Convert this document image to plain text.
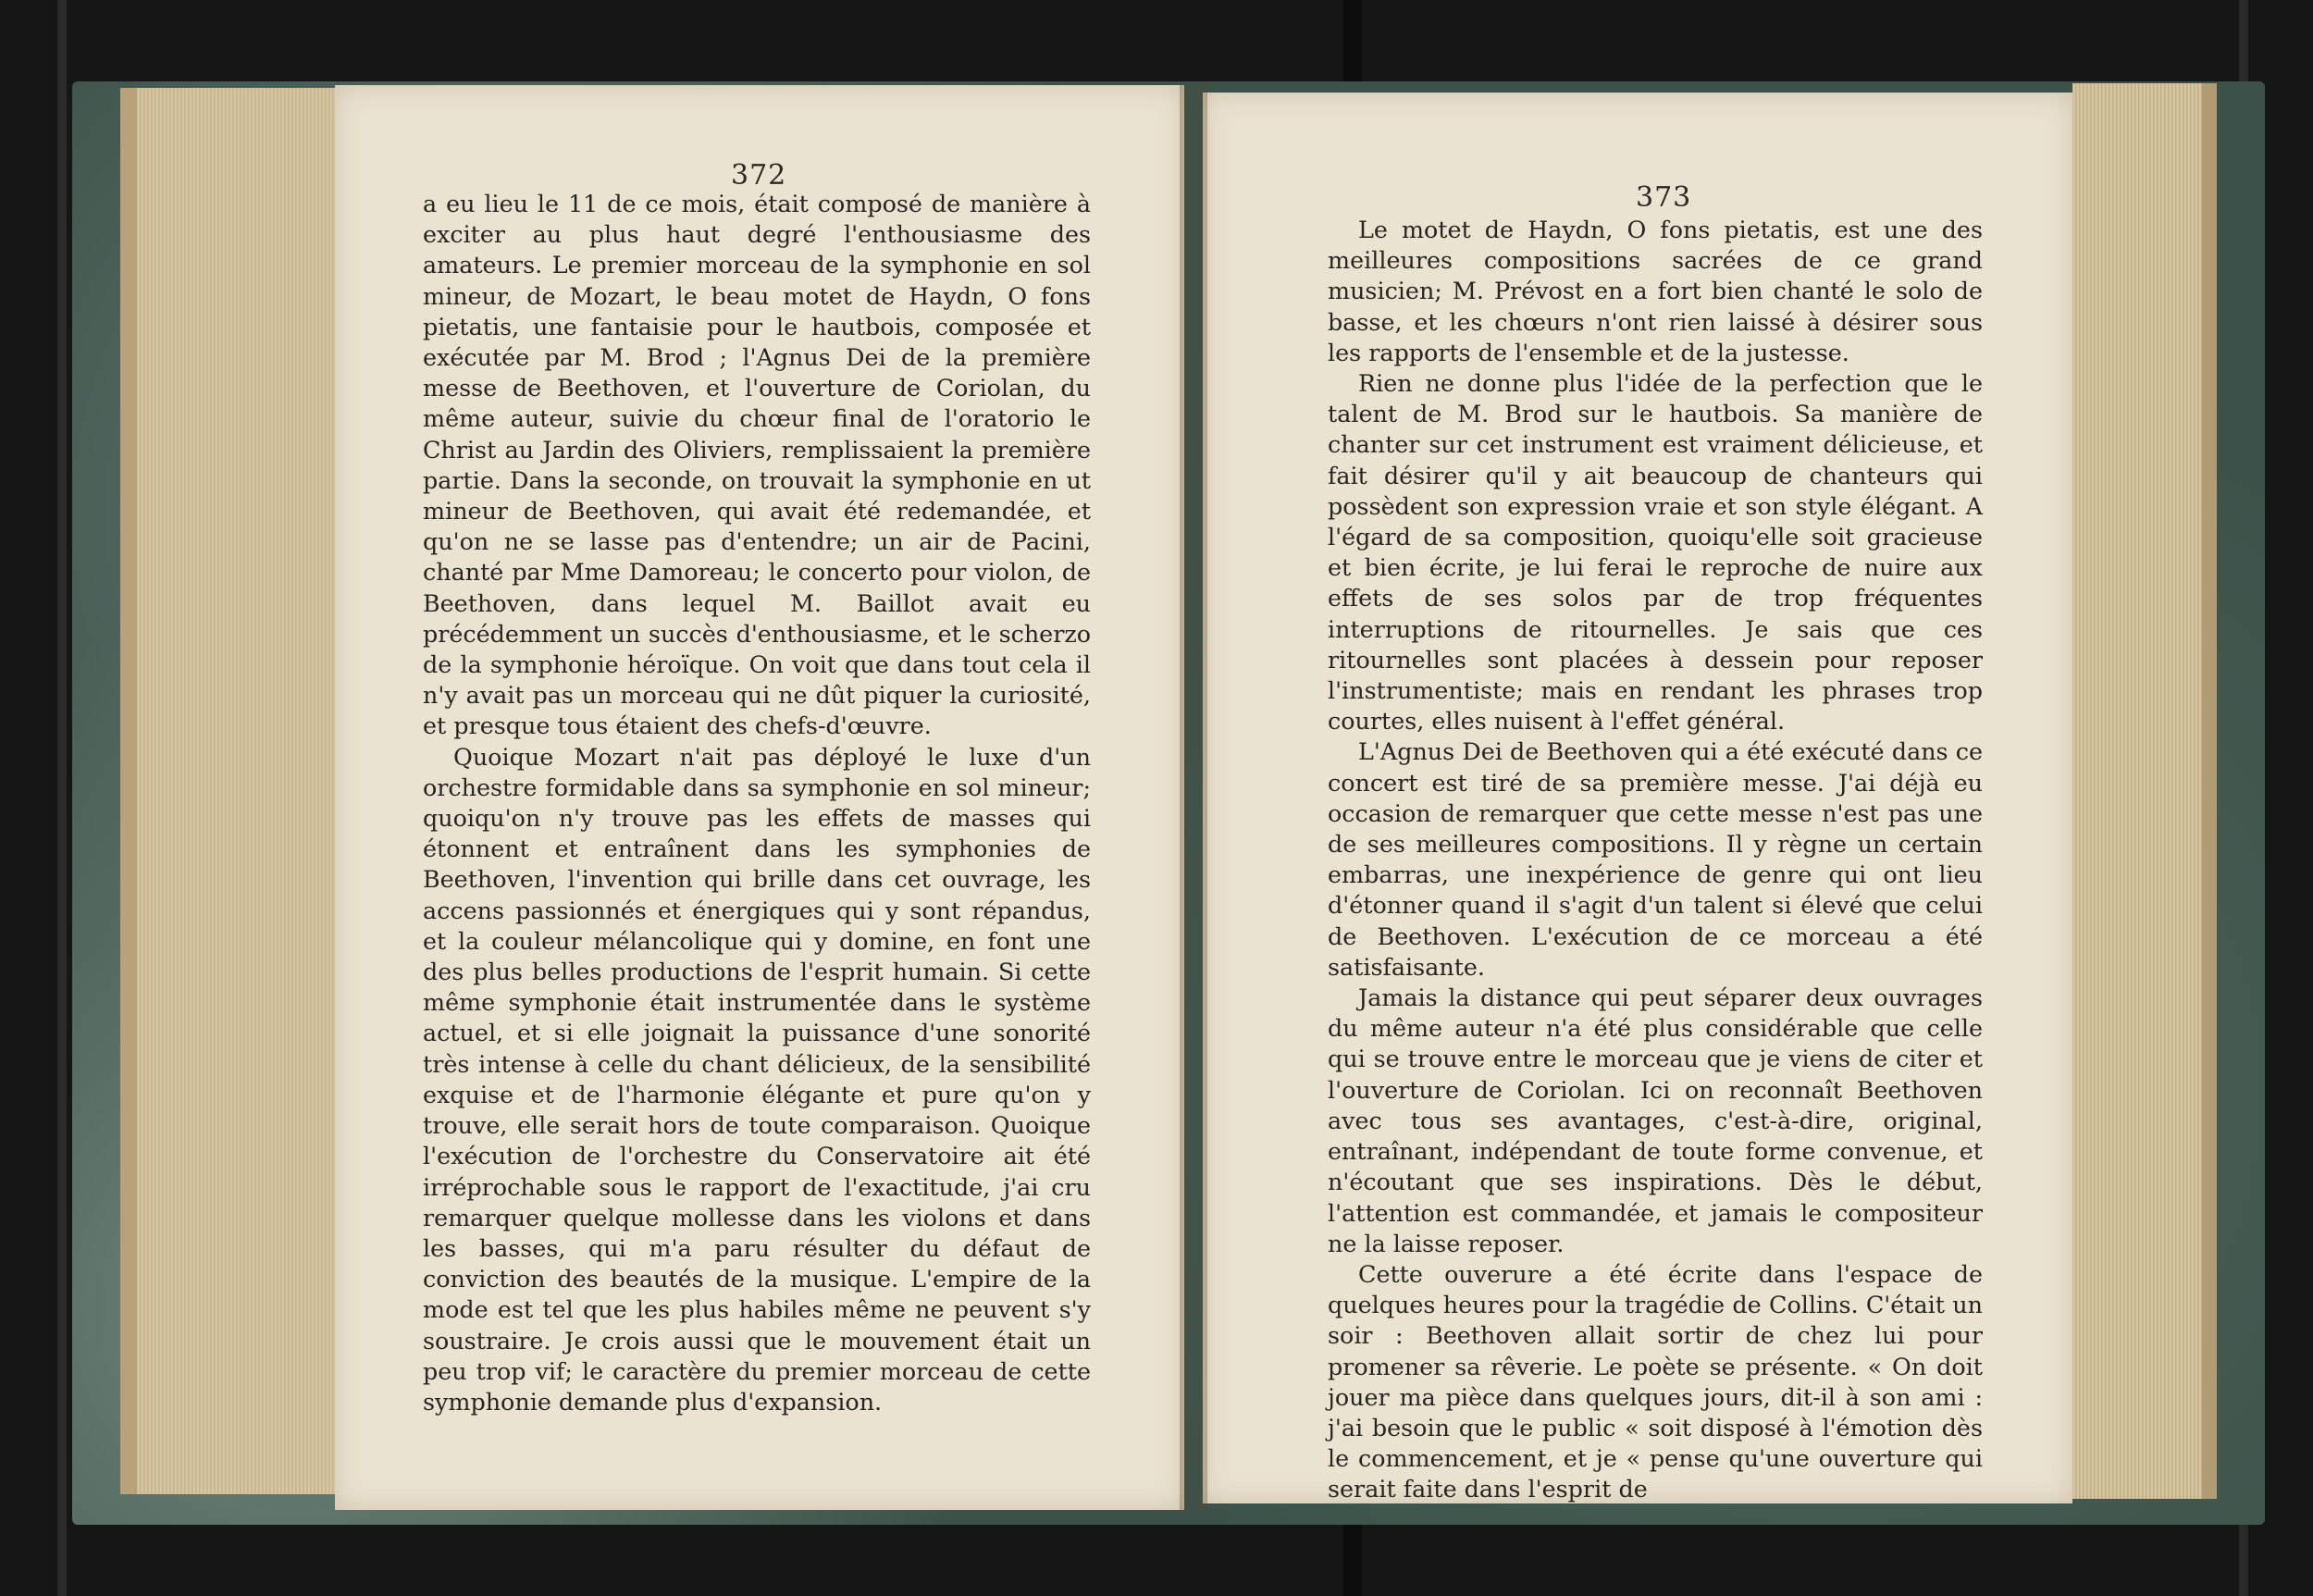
372

a eu lieu le 11 de ce mois, était composé de manière à exciter au plus haut degré l'enthousiasme des amateurs. Le premier morceau de la symphonie en sol mineur, de Mozart, le beau motet de Haydn, O fons pietatis, une fantaisie pour le hautbois, composée et exécutée par M. Brod ; l'Agnus Dei de la première messe de Beethoven, et l'ouverture de Coriolan, du même auteur, suivie du chœur final de l'oratorio le Christ au Jardin des Oliviers, remplissaient la première partie. Dans la seconde, on trouvait la symphonie en ut mineur de Beethoven, qui avait été redemandée, et qu'on ne se lasse pas d'entendre; un air de Pacini, chanté par Mme Damoreau; le concerto pour violon, de Beethoven, dans lequel M. Baillot avait eu précédemment un succès d'enthousiasme, et le scherzo de la symphonie héroïque. On voit que dans tout cela il n'y avait pas un morceau qui ne dût piquer la curiosité, et presque tous étaient des chefs-d'œuvre.

Quoique Mozart n'ait pas déployé le luxe d'un orchestre formidable dans sa symphonie en sol mineur; quoiqu'on n'y trouve pas les effets de masses qui étonnent et entraînent dans les symphonies de Beethoven, l'invention qui brille dans cet ouvrage, les accens passionnés et énergiques qui y sont répandus, et la couleur mélancolique qui y domine, en font une des plus belles productions de l'esprit humain. Si cette même symphonie était instrumentée dans le système actuel, et si elle joignait la puissance d'une sonorité très intense à celle du chant délicieux, de la sensibilité exquise et de l'harmonie élégante et pure qu'on y trouve, elle serait hors de toute comparaison. Quoique l'exécution de l'orchestre du Conservatoire ait été irréprochable sous le rapport de l'exactitude, j'ai cru remarquer quelque mollesse dans les violons et dans les basses, qui m'a paru résulter du défaut de conviction des beautés de la musique. L'empire de la mode est tel que les plus habiles même ne peuvent s'y soustraire. Je crois aussi que le mouvement était un peu trop vif; le caractère du premier morceau de cette symphonie demande plus d'expansion.

373

Le motet de Haydn, O fons pietatis, est une des meilleures compositions sacrées de ce grand musicien; M. Prévost en a fort bien chanté le solo de basse, et les chœurs n'ont rien laissé à désirer sous les rapports de l'ensemble et de la justesse.

Rien ne donne plus l'idée de la perfection que le talent de M. Brod sur le hautbois. Sa manière de chanter sur cet instrument est vraiment délicieuse, et fait désirer qu'il y ait beaucoup de chanteurs qui possèdent son expression vraie et son style élégant. A l'égard de sa composition, quoiqu'elle soit gracieuse et bien écrite, je lui ferai le reproche de nuire aux effets de ses solos par de trop fréquentes interruptions de ritournelles. Je sais que ces ritournelles sont placées à dessein pour reposer l'instrumentiste; mais en rendant les phrases trop courtes, elles nuisent à l'effet général.

L'Agnus Dei de Beethoven qui a été exécuté dans ce concert est tiré de sa première messe. J'ai déjà eu occasion de remarquer que cette messe n'est pas une de ses meilleures compositions. Il y règne un certain embarras, une inexpérience de genre qui ont lieu d'étonner quand il s'agit d'un talent si élevé que celui de Beethoven. L'exécution de ce morceau a été satisfaisante.

Jamais la distance qui peut séparer deux ouvrages du même auteur n'a été plus considérable que celle qui se trouve entre le morceau que je viens de citer et l'ouverture de Coriolan. Ici on reconnaît Beethoven avec tous ses avantages, c'est-à-dire, original, entraînant, indépendant de toute forme convenue, et n'écoutant que ses inspirations. Dès le début, l'attention est commandée, et jamais le compositeur ne la laisse reposer.

Cette ouverure a été écrite dans l'espace de quelques heures pour la tragédie de Collins. C'était un soir : Beethoven allait sortir de chez lui pour promener sa rêverie. Le poète se présente. « On doit jouer ma pièce dans quelques jours, dit-il à son ami : j'ai besoin que le public « soit disposé à l'émotion dès le commencement, et je « pense qu'une ouverture qui serait faite dans l'esprit de
